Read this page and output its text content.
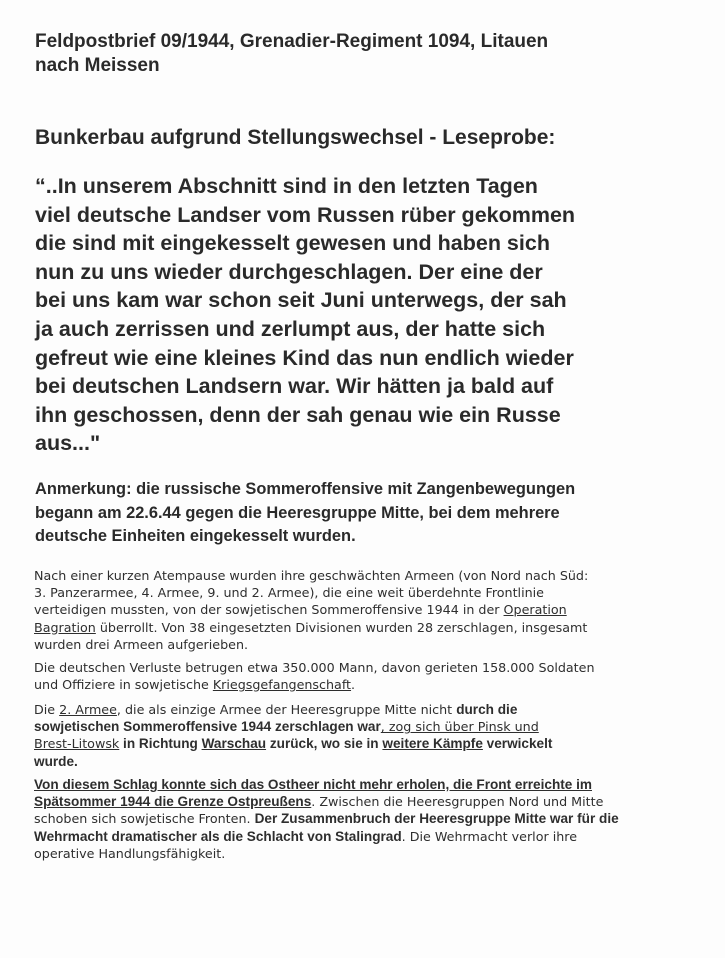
Feldpostbrief 09/1944, Grenadier-Regiment 1094, Litauen
nach Meissen
Bunkerbau aufgrund Stellungswechsel - Leseprobe:
“..In unserem Abschnitt sind in den letzten Tagen
viel deutsche Landser vom Russen rüber gekommen
die sind mit eingekesselt gewesen und haben sich
nun zu uns wieder durchgeschlagen. Der eine der
bei uns kam war schon seit Juni unterwegs, der sah
ja auch zerrissen und zerlumpt aus, der hatte sich
gefreut wie eine kleines Kind das nun endlich wieder
bei deutschen Landsern war. Wir hätten ja bald auf
ihn geschossen, denn der sah genau wie ein Russe
aus..."
Anmerkung: die russische Sommeroffensive mit Zangenbewegungen
begann am 22.6.44 gegen die Heeresgruppe Mitte, bei dem mehrere
deutsche Einheiten eingekesselt wurden.
Nach einer kurzen Atempause wurden ihre geschwächten Armeen (von Nord nach Süd:
3. Panzerarmee, 4. Armee, 9. und 2. Armee), die eine weit überdehnte Frontlinie
verteidigen mussten, von der sowjetischen Sommeroffensive 1944 in der Operation
Bagration überrollt. Von 38 eingesetzten Divisionen wurden 28 zerschlagen, insgesamt
wurden drei Armeen aufgerieben.
Die deutschen Verluste betrugen etwa 350.000 Mann, davon gerieten 158.000 Soldaten
und Offiziere in sowjetische Kriegsgefangenschaft.
Die 2. Armee, die als einzige Armee der Heeresgruppe Mitte nicht durch die
sowjetischen Sommeroffensive 1944 zerschlagen war, zog sich über Pinsk und
Brest-Litowsk in Richtung Warschau zurück, wo sie in weitere Kämpfe verwickelt
wurde.
Von diesem Schlag konnte sich das Ostheer nicht mehr erholen, die Front erreichte im
Spätsommer 1944 die Grenze Ostpreußens. Zwischen die Heeresgruppen Nord und Mitte
schoben sich sowjetische Fronten. Der Zusammenbruch der Heeresgruppe Mitte war für die
Wehrmacht dramatischer als die Schlacht von Stalingrad. Die Wehrmacht verlor ihre
operative Handlungsfähigkeit.
